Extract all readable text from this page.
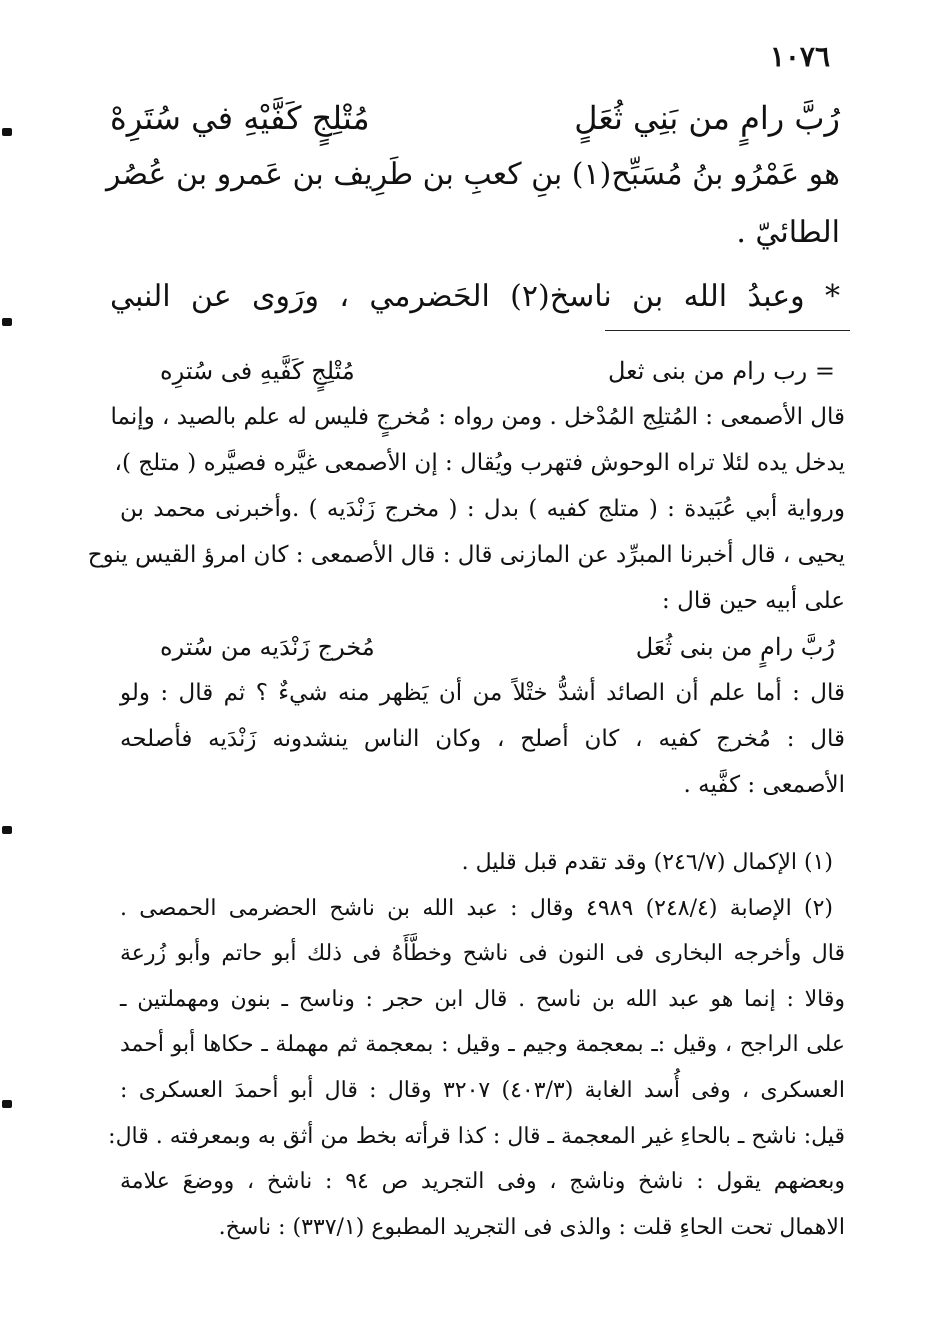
١٠٧٦
رُبَّ رامٍ من بَنِي ثُعَلٍ
مُتْلِجٍ كَفَّيْهِ في سُتَرِهْ
هو عَمْرُو بنُ مُسَبِّح(١) بنِ كعبِ بن طَرِيف بن عَمرو بن عُصُر
الطائيّ .
* وعبدُ الله بن ناسخ(٢) الحَضرمي ، ورَوى عن النبي
= رب رام من بنى ثعل
مُتْلِجٍ كَفَّيهِ فى سُترِه
قال الأصمعى : المُتلِج المُدْخل . ومن رواه : مُخرجٍ فليس له علم بالصيد ، وإنما
يدخل يده لئلا تراه الوحوش فتهرب ويُقال : إن الأصمعى غيَّره فصيَّره ( متلج )،
ورواية أبي عُبَيدة : ( متلج كفيه ) بدل : ( مخرج زَنْدَيه ) .وأخبرنى محمد بن
يحيى ، قال أخبرنا المبرِّد عن المازنى قال : قال الأصمعى : كان امرؤ القيس ينوح
على أبيه حين قال :
رُبَّ رامٍ من بنى ثُعَل
مُخرج زَنْدَيه من سُتره
قال : أما علم أن الصائد أشدُّ ختْلاً من أن يَظهر منه شيءٌ ؟ ثم قال : ولو
قال : مُخرج كفيه ، كان أصلح ، وكان الناس ينشدونه زَنْدَيه فأصلحه
الأصمعى : كفَّيه .
(١) الإكمال (٢٤٦/٧) وقد تقدم قبل قليل .
(٢) الإصابة (٢٤٨/٤) ٤٩٨٩ وقال : عبد الله بن ناشح الحضرمى الحمصى .
قال وأخرجه البخارى فى النون فى ناشح وخطَّأَهُ فى ذلك أبو حاتم وأبو زُرعة
وقالا : إنما هو عبد الله بن ناسح . قال ابن حجر : وناسح ـ بنون ومهملتين ـ
على الراجح ، وقيل :ـ بمعجمة وجيم ـ وقيل : بمعجمة ثم مهملة ـ حكاها أبو أحمد
العسكرى ، وفى أُسد الغابة (٤٠٣/٣) ٣٢٠٧ وقال : قال أبو أحمدَ العسكرى :
قيل: ناشح ـ بالحاءِ غير المعجمة ـ قال : كذا قرأته بخط من أثق به وبمعرفته . قال:
وبعضهم يقول : ناشخ وناشج ، وفى التجريد ص ٩٤ : ناشخ ، ووضعَ علامة
الاهمال تحت الحاءِ قلت : والذى فى التجريد المطبوع (٣٣٧/١) : ناسخ.
